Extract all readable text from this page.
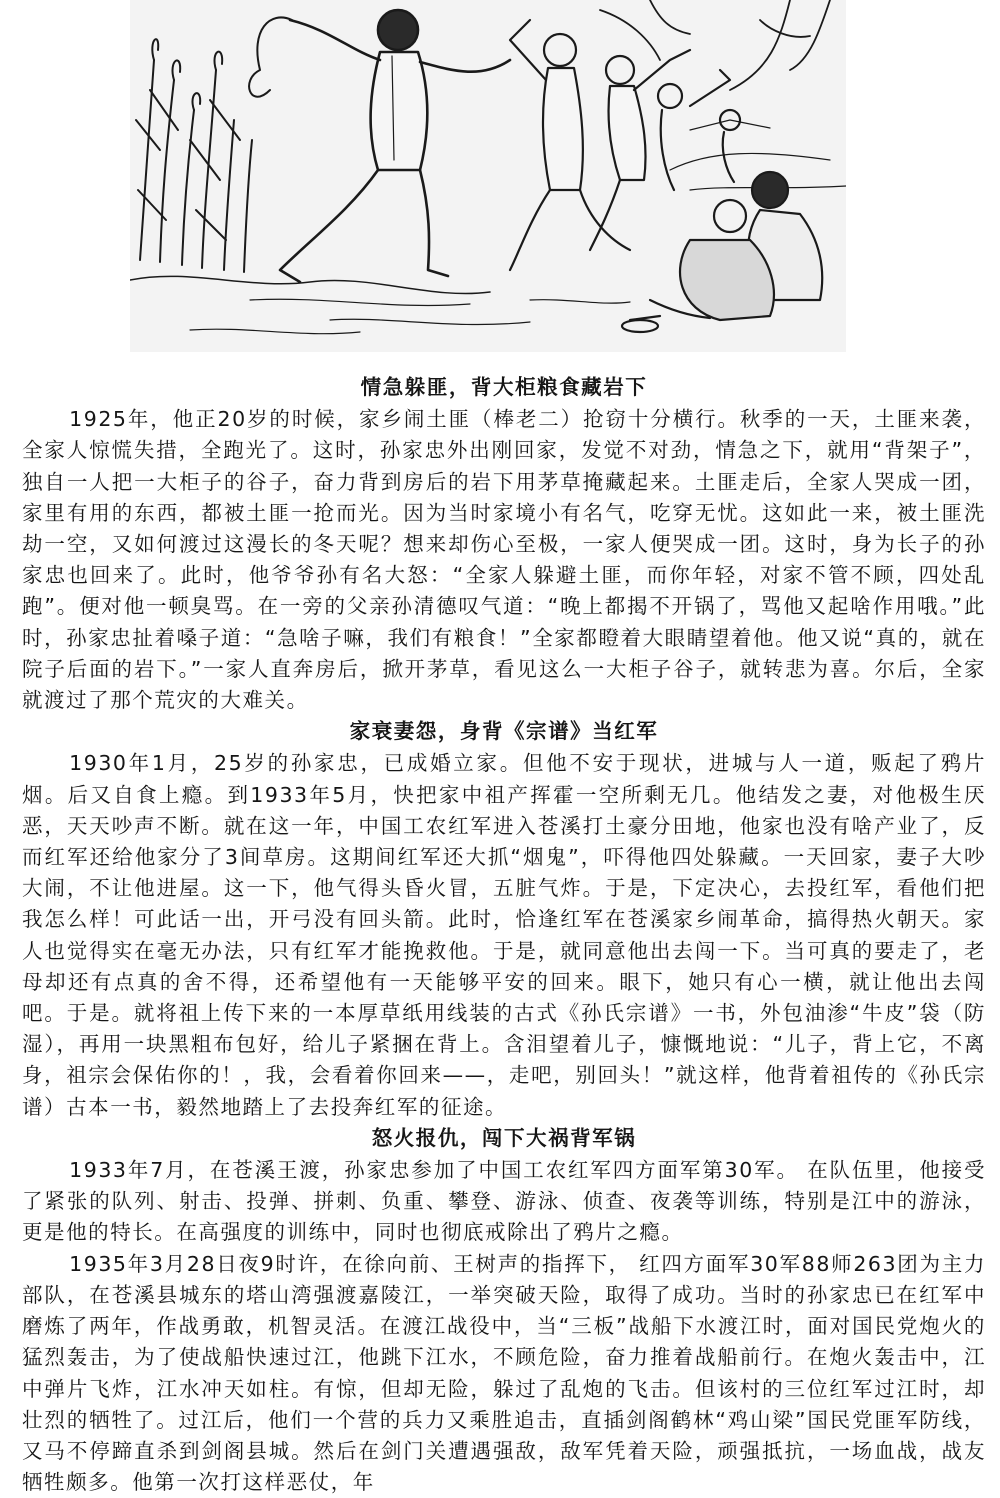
情急躲匪，背大柜粮食藏岩下

1925年，他正20岁的时候，家乡闹土匪（棒老二）抢窃十分横行。秋季的一天，土匪来袭，全家人惊慌失措，全跑光了。这时，孙家忠外出刚回家，发觉不对劲，情急之下，就用“背架子”，独自一人把一大柜子的谷子，奋力背到房后的岩下用茅草掩藏起来。土匪走后，全家人哭成一团，家里有用的东西，都被土匪一抢而光。因为当时家境小有名气，吃穿无忧。这如此一来，被土匪洗劫一空，又如何渡过这漫长的冬天呢？想来却伤心至极，一家人便哭成一团。这时，身为长子的孙家忠也回来了。此时，他爷爷孙有名大怒：“全家人躲避土匪，而你年轻，对家不管不顾，四处乱跑”。便对他一顿臭骂。在一旁的父亲孙清德叹气道：“晚上都揭不开锅了，骂他又起啥作用哦。”此时，孙家忠扯着嗓子道：“急啥子嘛，我们有粮食！”全家都瞪着大眼睛望着他。他又说“真的，就在院子后面的岩下。”一家人直奔房后，掀开茅草，看见这么一大柜子谷子，就转悲为喜。尔后，全家就渡过了那个荒灾的大难关。

家衰妻怨，身背《宗谱》当红军

1930年1月，25岁的孙家忠，已成婚立家。但他不安于现状，进城与人一道，贩起了鸦片烟。后又自食上瘾。到1933年5月，快把家中祖产挥霍一空所剩无几。他结发之妻，对他极生厌恶，天天吵声不断。就在这一年，中国工农红军进入苍溪打土豪分田地，他家也没有啥产业了，反而红军还给他家分了3间草房。这期间红军还大抓“烟鬼”，吓得他四处躲藏。一天回家，妻子大吵大闹，不让他进屋。这一下，他气得头昏火冒，五脏气炸。于是，下定决心，去投红军，看他们把我怎么样！可此话一出，开弓没有回头箭。此时，恰逢红军在苍溪家乡闹革命，搞得热火朝天。家人也觉得实在毫无办法，只有红军才能挽救他。于是，就同意他出去闯一下。当可真的要走了，老母却还有点真的舍不得，还希望他有一天能够平安的回来。眼下，她只有心一横，就让他出去闯吧。于是。就将祖上传下来的一本厚草纸用线装的古式《孙氏宗谱》一书，外包油渗“牛皮”袋（防湿），再用一块黑粗布包好，给儿子紧捆在背上。含泪望着儿子，慷慨地说：“儿子，背上它，不离身，祖宗会保佑你的！，我，会看着你回来——，走吧，别回头！”就这样，他背着祖传的《孙氏宗谱）古本一书，毅然地踏上了去投奔红军的征途。

怒火报仇，闯下大祸背军锅

1933年7月，在苍溪王渡，孙家忠参加了中国工农红军四方面军第30军。 在队伍里，他接受了紧张的队列、射击、投弹、拼刺、负重、攀登、游泳、侦查、夜袭等训练，特别是江中的游泳，更是他的特长。在高强度的训练中，同时也彻底戒除出了鸦片之瘾。

1935年3月28日夜9时许，在徐向前、王树声的指挥下， 红四方面军30军88师263团为主力部队，在苍溪县城东的塔山湾强渡嘉陵江，一举突破天险，取得了成功。当时的孙家忠已在红军中磨炼了两年，作战勇敢，机智灵活。在渡江战役中，当“三板”战船下水渡江时，面对国民党炮火的猛烈轰击，为了使战船快速过江，他跳下江水，不顾危险，奋力推着战船前行。在炮火轰击中，江中弹片飞炸，江水冲天如柱。有惊，但却无险，躲过了乱炮的飞击。但该村的三位红军过江时，却壮烈的牺牲了。过江后，他们一个营的兵力又乘胜追击，直插剑阁鹤林“鸡山梁”国民党匪军防线，又马不停蹄直杀到剑阁县城。然后在剑门关遭遇强敌，敌军凭着天险，顽强抵抗，一场血战，战友牺牲颇多。他第一次打这样恶仗，年
